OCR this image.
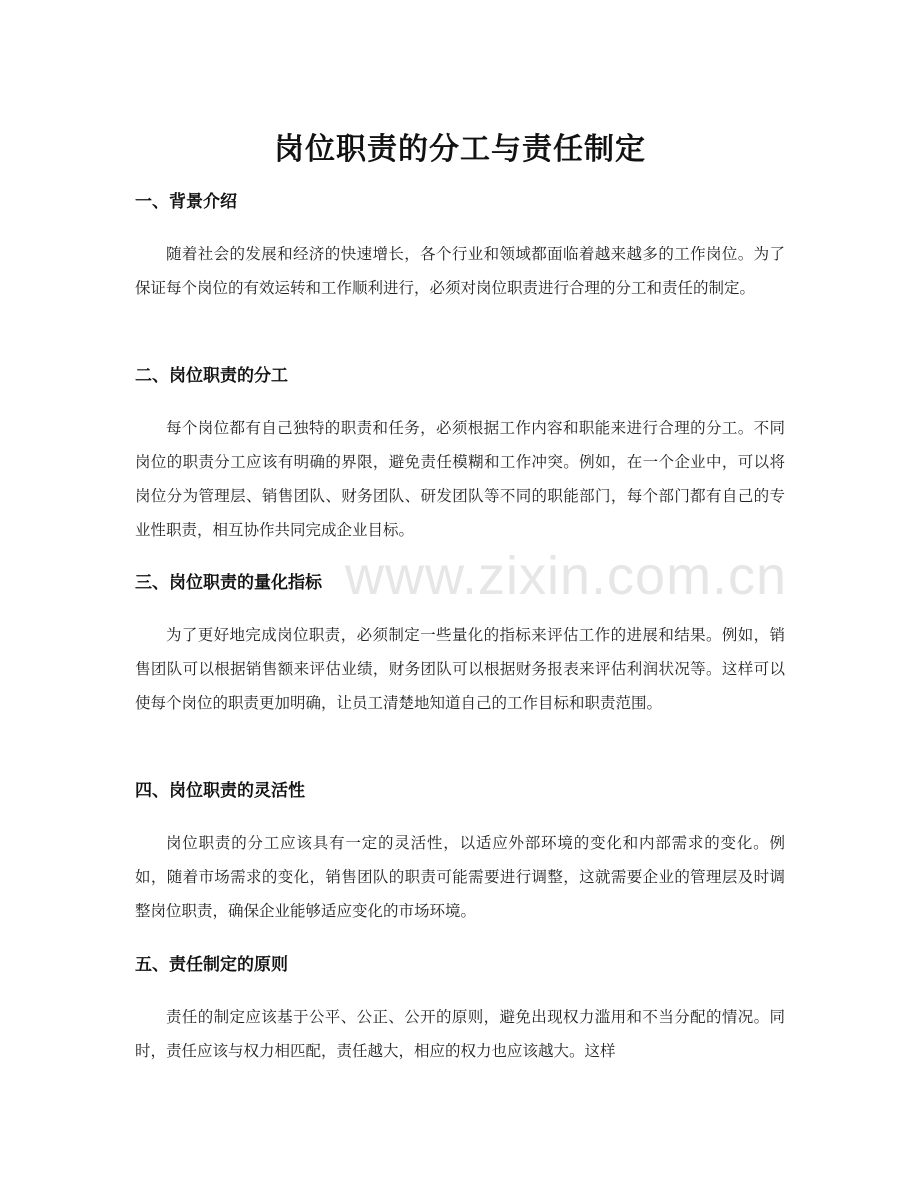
www.zixin.com.cn
岗位职责的分工与责任制定
一、背景介绍

随着社会的发展和经济的快速增长，各个行业和领域都面临着越来越多的工作岗位。为了保证每个岗位的有效运转和工作顺利进行，必须对岗位职责进行合理的分工和责任的制定。

二、岗位职责的分工

每个岗位都有自己独特的职责和任务，必须根据工作内容和职能来进行合理的分工。不同岗位的职责分工应该有明确的界限，避免责任模糊和工作冲突。例如，在一个企业中，可以将岗位分为管理层、销售团队、财务团队、研发团队等不同的职能部门，每个部门都有自己的专业性职责，相互协作共同完成企业目标。

三、岗位职责的量化指标

为了更好地完成岗位职责，必须制定一些量化的指标来评估工作的进展和结果。例如，销售团队可以根据销售额来评估业绩，财务团队可以根据财务报表来评估利润状况等。这样可以使每个岗位的职责更加明确，让员工清楚地知道自己的工作目标和职责范围。

四、岗位职责的灵活性

岗位职责的分工应该具有一定的灵活性，以适应外部环境的变化和内部需求的变化。例如，随着市场需求的变化，销售团队的职责可能需要进行调整，这就需要企业的管理层及时调整岗位职责，确保企业能够适应变化的市场环境。

五、责任制定的原则

责任的制定应该基于公平、公正、公开的原则，避免出现权力滥用和不当分配的情况。同时，责任应该与权力相匹配，责任越大，相应的权力也应该越大。这样
